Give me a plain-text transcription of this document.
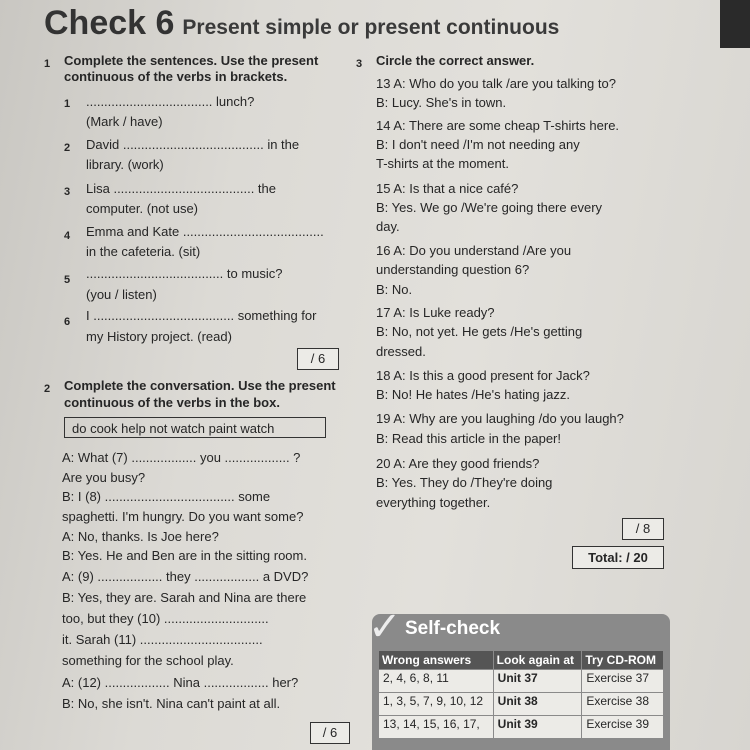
Check 6 Present simple or present continuous
1 Complete the sentences. Use the present
continuous of the verbs in brackets.
1 ................................... lunch?
(Mark / have)
2 David ....................................... in the
library. (work)
3 Lisa ....................................... the
computer. (not use)
4 Emma and Kate .......................................
in the cafeteria. (sit)
5 ...................................... to music?
(you / listen)
6 I ....................................... something for
my History project. (read)
/ 6
2 Complete the conversation. Use the present
continuous of the verbs in the box.
do cook help not watch paint watch
A: What (7) .................. you .................. ?
Are you busy?
B: I (8) .................................... some
spaghetti. I'm hungry. Do you want some?
A: No, thanks. Is Joe here?
B: Yes. He and Ben are in the sitting room.
A: (9) .................. they .................. a DVD?
B: Yes, they are. Sarah and Nina are there
too, but they (10) .............................
it. Sarah (11) ..................................
something for the school play.
A: (12) .................. Nina .................. her?
B: No, she isn't. Nina can't paint at all.
/ 6
3 Circle the correct answer.
13 A: Who do you talk /are you talking to?
B: Lucy. She's in town.
14 A: There are some cheap T-shirts here.
B: I don't need /I'm not needing any
T-shirts at the moment.
15 A: Is that a nice café?
B: Yes. We go /We're going there every
day.
16 A: Do you understand /Are you
understanding question 6?
B: No.
17 A: Is Luke ready?
B: No, not yet. He gets /He's getting
dressed.
18 A: Is this a good present for Jack?
B: No! He hates /He's hating jazz.
19 A: Why are you laughing /do you laugh?
B: Read this article in the paper!
20 A: Are they good friends?
B: Yes. They do /They're doing
everything together.
/ 8
Total: / 20
✓ Self-check
Wrong answers	Look again at	Try CD-ROM
2, 4, 6, 8, 11	Unit 37	Exercise 37
1, 3, 5, 7, 9, 10, 12	Unit 38	Exercise 38
13, 14, 15, 16, 17,	Unit 39	Exercise 39
